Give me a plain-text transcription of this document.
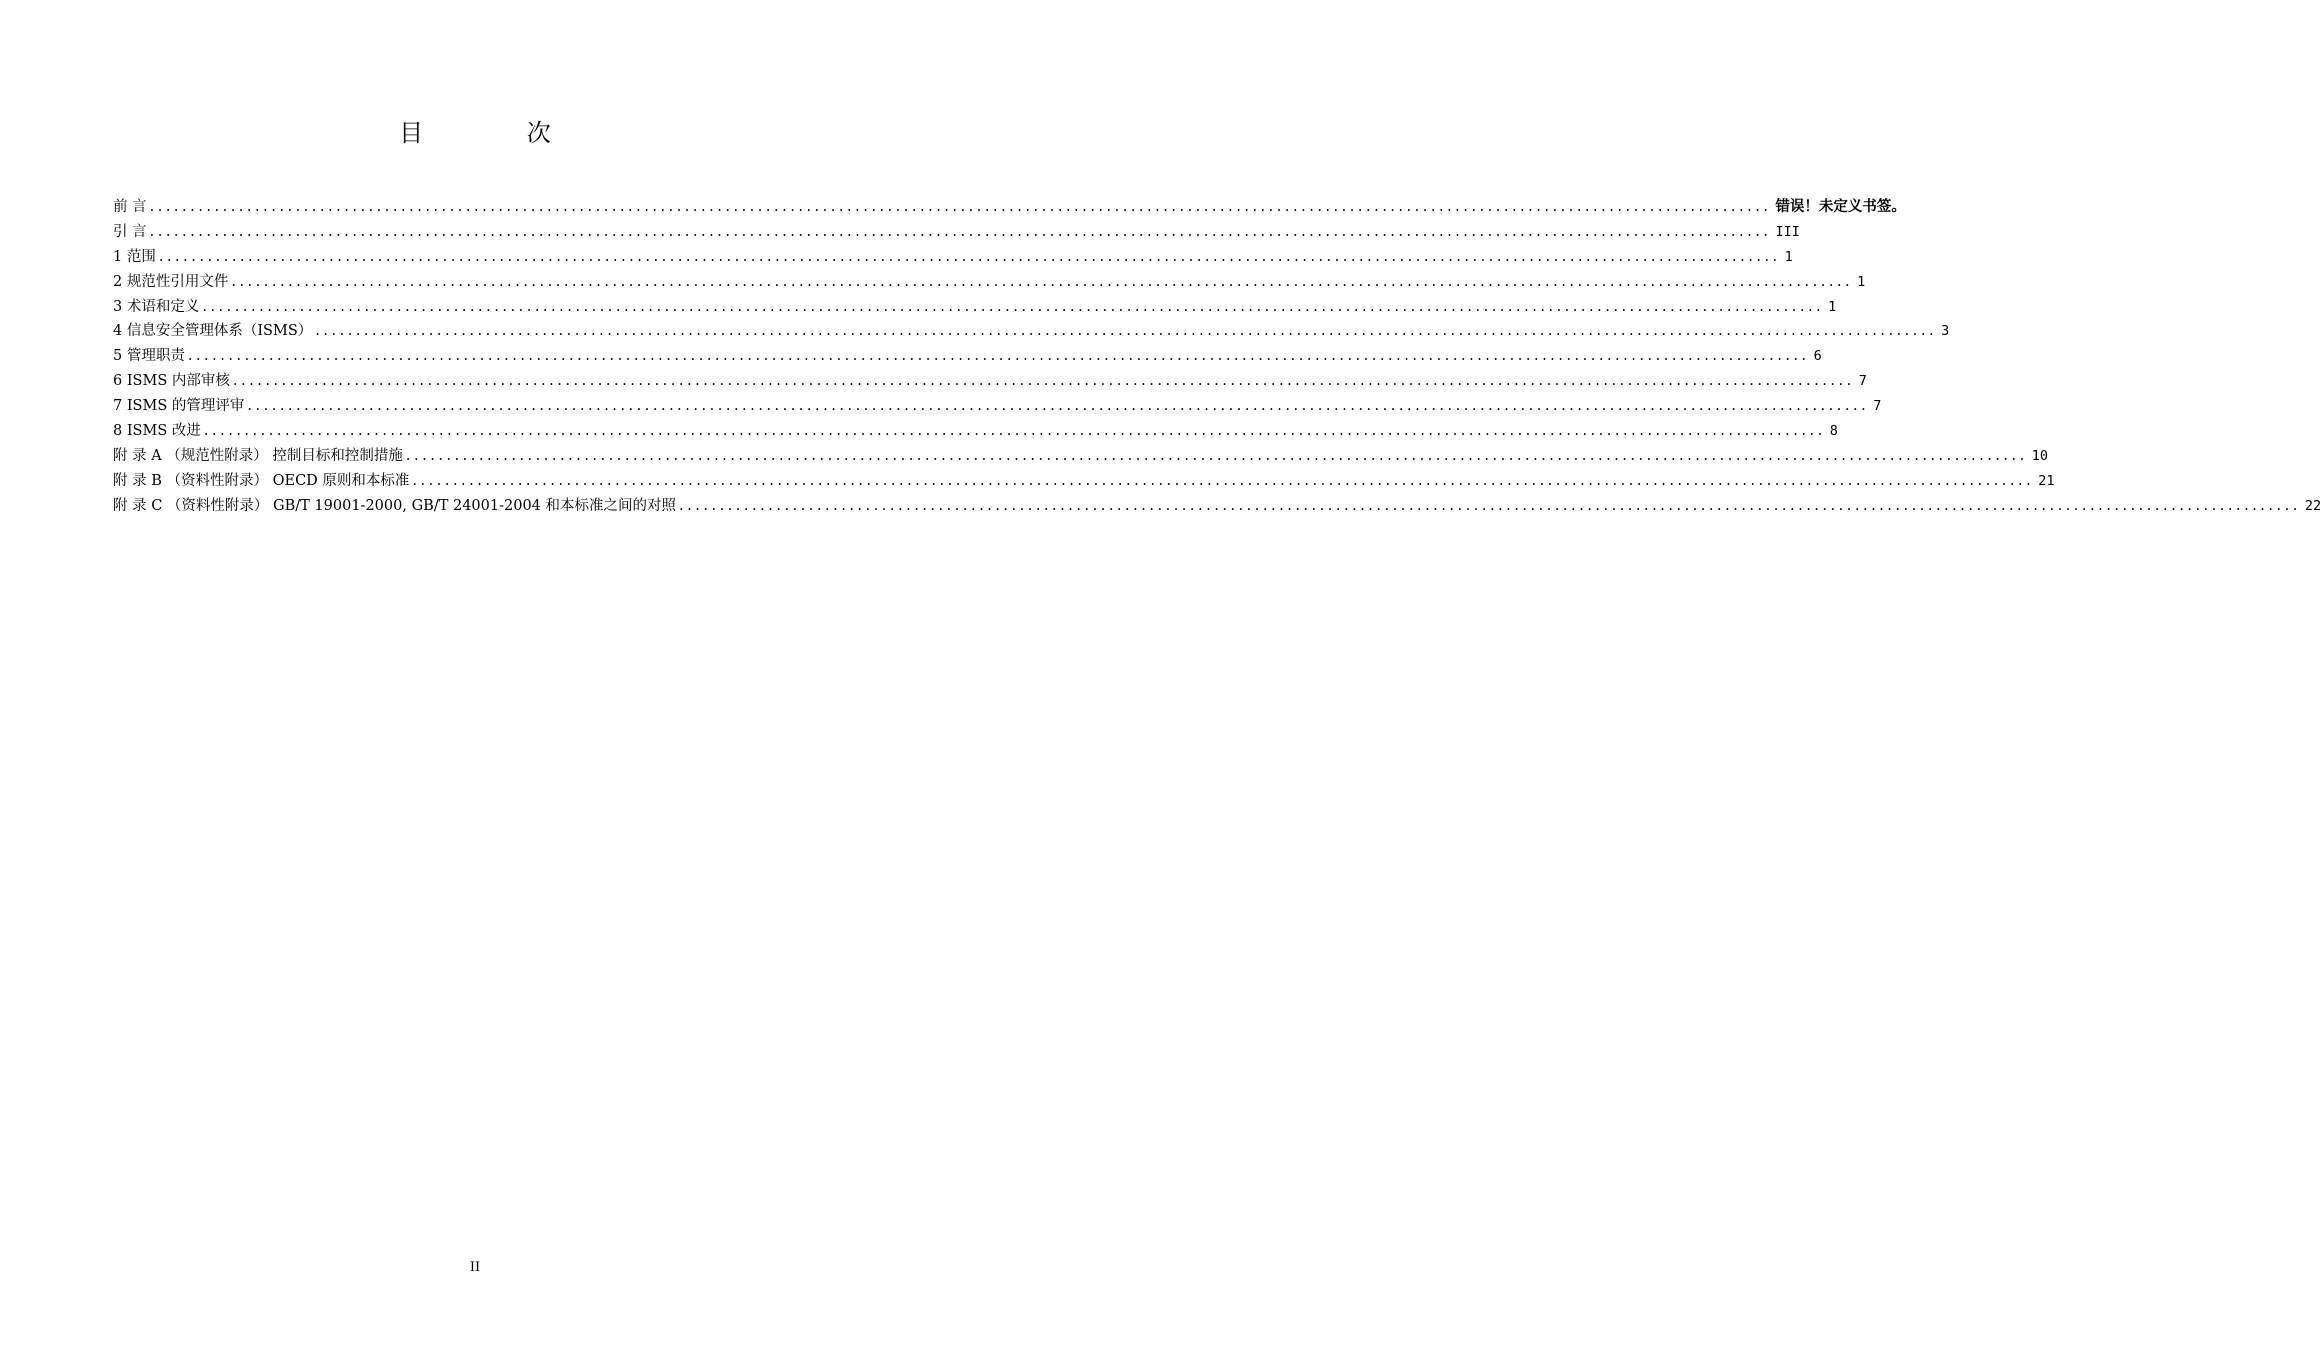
目 次
前 言 ........................................................................................................................................................................................................ 错误！未定义书签。
引 言 ........................................................................................................................................................................................................ III
1 范围 ........................................................................................................................................................................................................ 1
2 规范性引用文件 ........................................................................................................................................................................................................ 1
3 术语和定义 ........................................................................................................................................................................................................ 1
4 信息安全管理体系（ISMS） ........................................................................................................................................................................................................ 3
5 管理职责 ........................................................................................................................................................................................................ 6
6 ISMS 内部审核 ........................................................................................................................................................................................................ 7
7 ISMS 的管理评审 ........................................................................................................................................................................................................ 7
8 ISMS 改进 ........................................................................................................................................................................................................ 8
附 录 A （规范性附录） 控制目标和控制措施 ........................................................................................................................................................................................................ 10
附 录 B （资料性附录） OECD 原则和本标准 ........................................................................................................................................................................................................ 21
附 录 C （资料性附录） GB/T 19001-2000, GB/T 24001-2004 和本标准之间的对照 ........................................................................................................................................................................................................ 22
II
